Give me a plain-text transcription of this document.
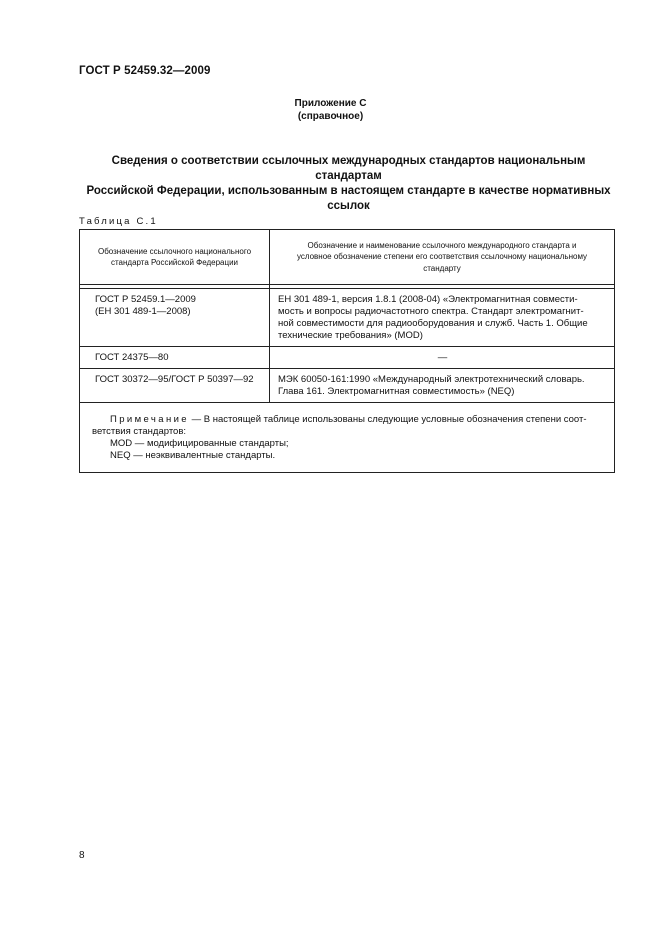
ГОСТ Р 52459.32—2009
Приложение С
(справочное)
Сведения о соответствии ссылочных международных стандартов национальным стандартам
Российской Федерации, использованным в настоящем стандарте в качестве нормативных
ссылок
Таблица С.1
Обозначение ссылочного национального
стандарта Российской Федерации	Обозначение и наименование ссылочного международного стандарта и
условное обозначение степени его соответствия ссылочному национальному
стандарту

ГОСТ Р 52459.1—2009
(ЕН 301 489-1—2008)	ЕН 301 489-1, версия 1.8.1 (2008-04) «Электромагнитная совмести-
мость и вопросы радиочастотного спектра. Стандарт электромагнит-
ной совместимости для радиооборудования и служб. Часть 1. Общие
технические требования» (MOD)

ГОСТ 24375—80	—
ГОСТ 30372—95/ГОСТ Р 50397—92	МЭК 60050-161:1990 «Международный электротехнический словарь.
Глава 161. Электромагнитная совместимость» (NEQ)

Примечание — В настоящей таблице использованы следующие условные обозначения степени соот-
ветствия стандартов:
MOD — модифицированные стандарты;
NEQ — неэквивалентные стандарты.	
8
